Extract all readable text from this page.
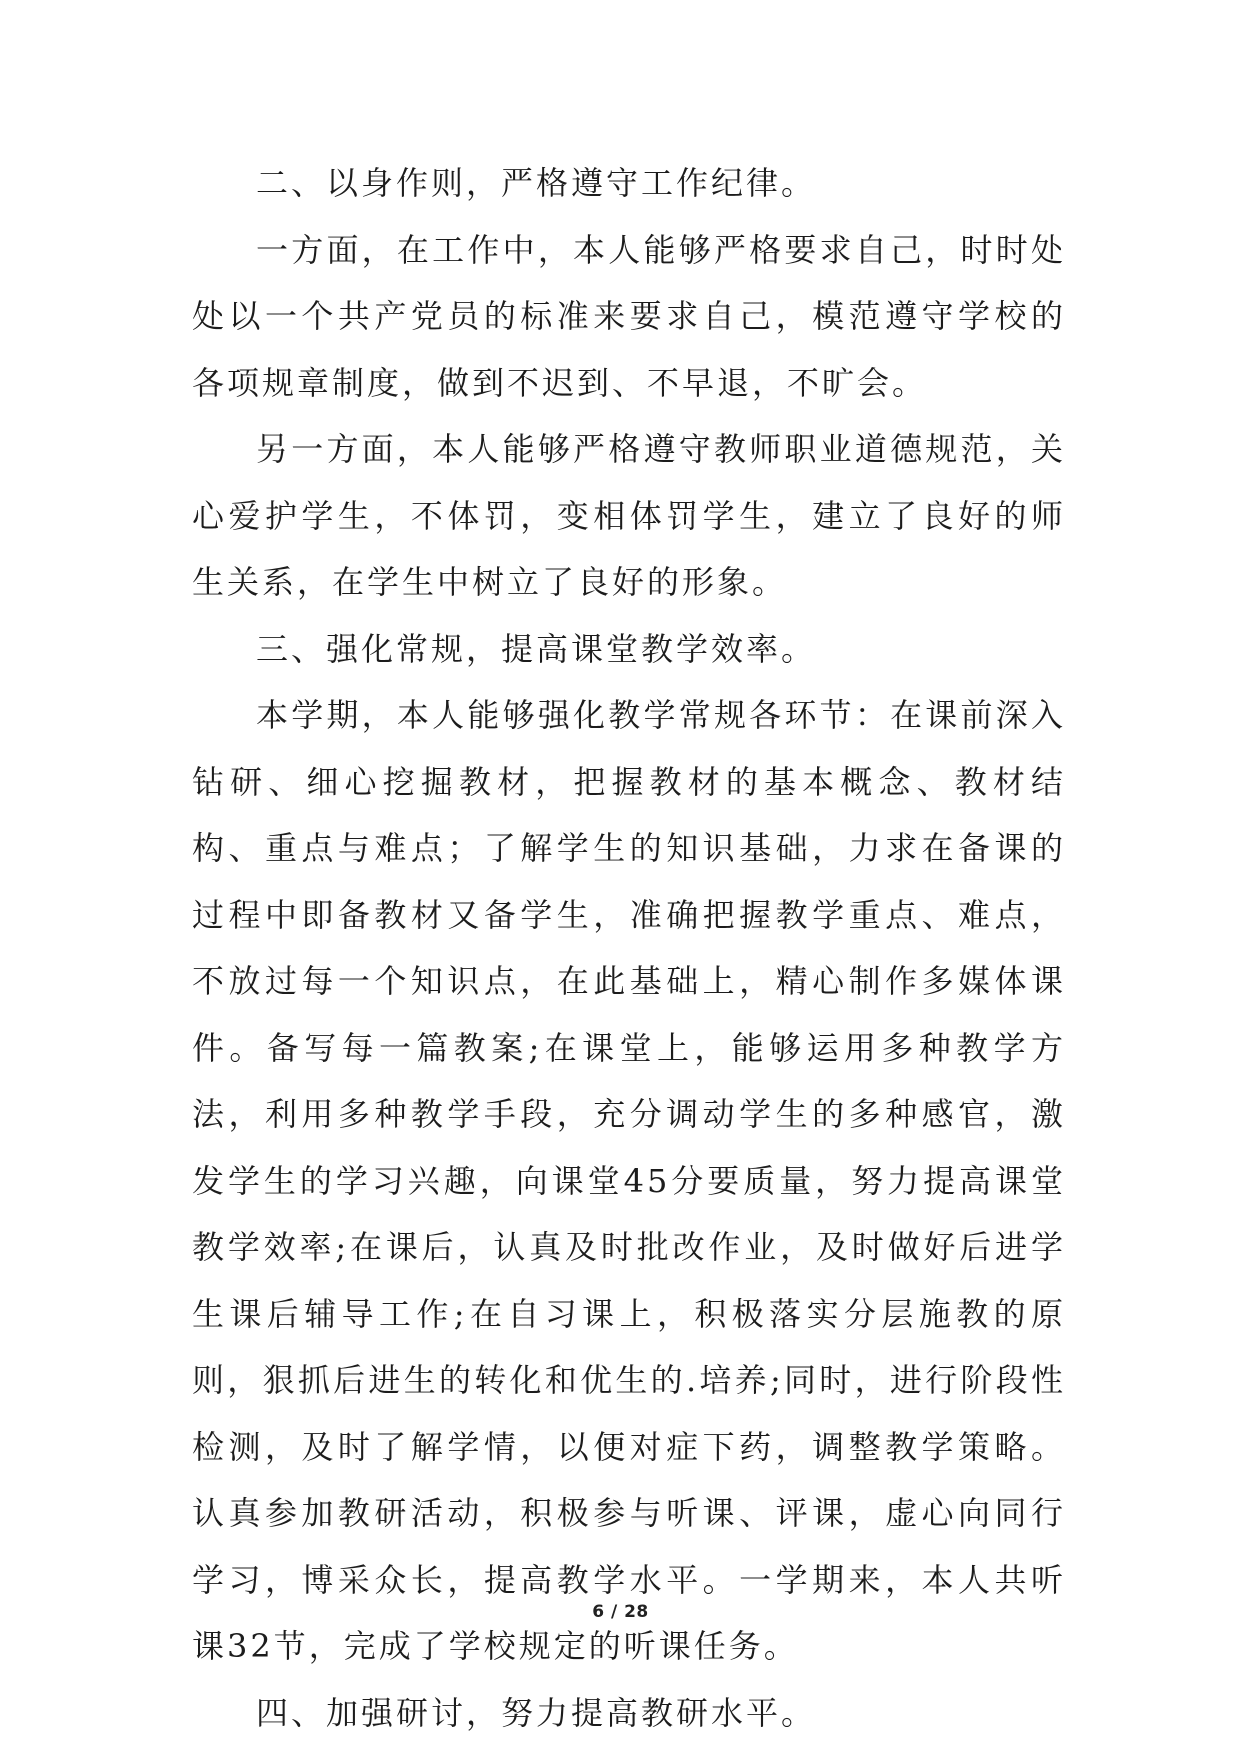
二、以身作则，严格遵守工作纪律。

一方面，在工作中，本人能够严格要求自己，时时处处以一个共产党员的标准来要求自己，模范遵守学校的各项规章制度，做到不迟到、不早退，不旷会。

另一方面，本人能够严格遵守教师职业道德规范，关心爱护学生，不体罚，变相体罚学生，建立了良好的师生关系，在学生中树立了良好的形象。

三、强化常规，提高课堂教学效率。

本学期，本人能够强化教学常规各环节：在课前深入钻研、细心挖掘教材，把握教材的基本概念、教材结构、重点与难点；了解学生的知识基础，力求在备课的过程中即备教材又备学生，准确把握教学重点、难点，不放过每一个知识点，在此基础上，精心制作多媒体课件。备写每一篇教案;在课堂上，能够运用多种教学方法，利用多种教学手段，充分调动学生的多种感官，激发学生的学习兴趣，向课堂45分要质量，努力提高课堂教学效率;在课后，认真及时批改作业，及时做好后进学生课后辅导工作;在自习课上，积极落实分层施教的原则，狠抓后进生的转化和优生的.培养;同时，进行阶段性检测，及时了解学情，以便对症下药，调整教学策略。认真参加教研活动，积极参与听课、评课，虚心向同行学习，博采众长，提高教学水平。一学期来，本人共听课32节，完成了学校规定的听课任务。

四、加强研讨，努力提高教研水平。

6 / 28
